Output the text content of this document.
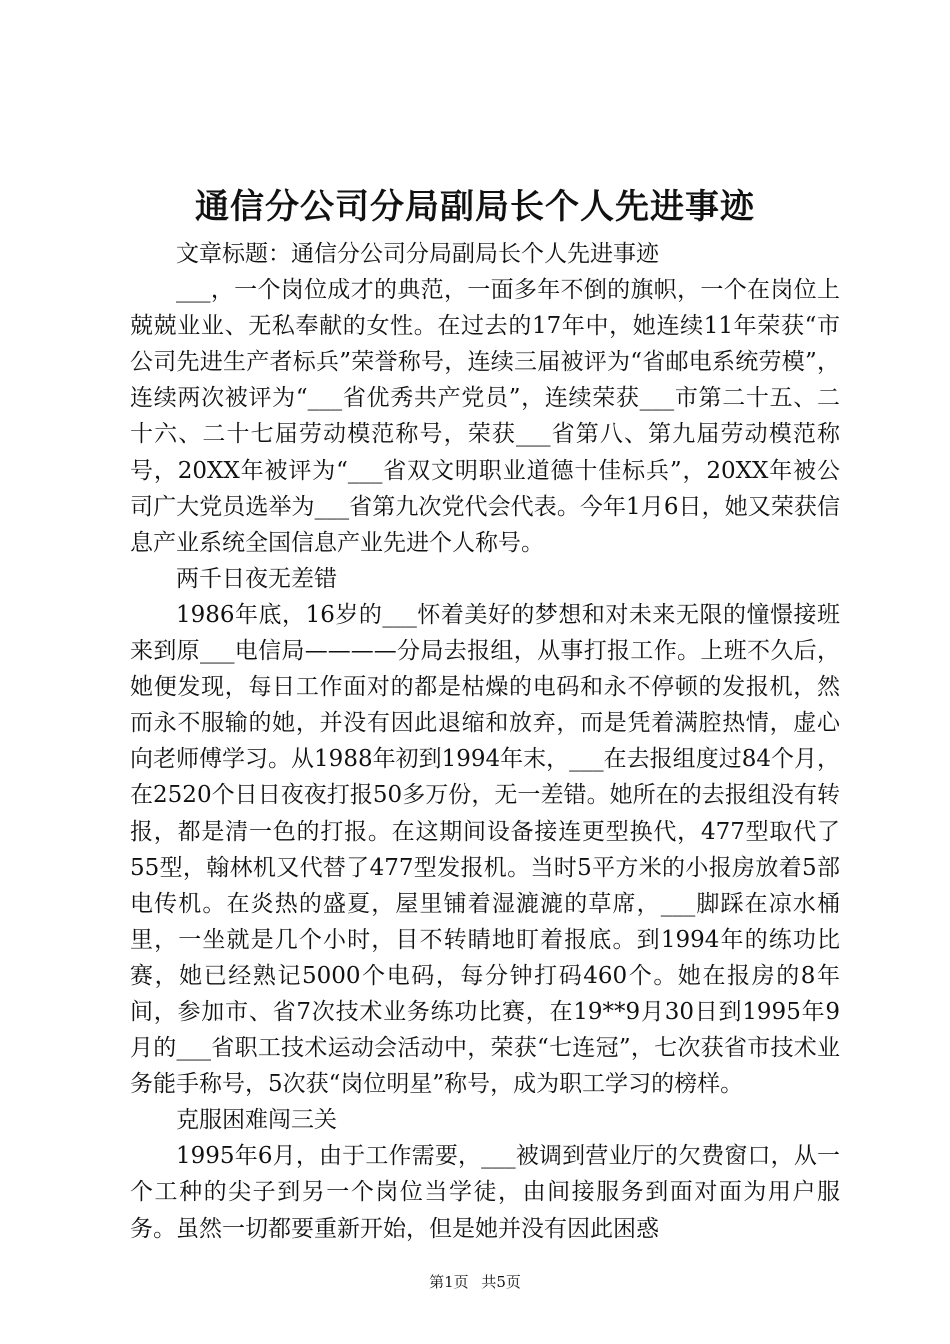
通信分公司分局副局长个人先进事迹

文章标题：通信分公司分局副局长个人先进事迹

___，一个岗位成才的典范，一面多年不倒的旗帜，一个在岗位上兢兢业业、无私奉献的女性。在过去的17年中，她连续11年荣获“市公司先进生产者标兵”荣誉称号，连续三届被评为“省邮电系统劳模”，连续两次被评为“___省优秀共产党员”，连续荣获___市第二十五、二十六、二十七届劳动模范称号，荣获___省第八、第九届劳动模范称号，20XX年被评为“___省双文明职业道德十佳标兵”，20XX年被公司广大党员选举为___省第九次党代会代表。今年1月6日，她又荣获信息产业系统全国信息产业先进个人称号。

两千日夜无差错

1986年底，16岁的___怀着美好的梦想和对未来无限的憧憬接班来到原___电信局————分局去报组，从事打报工作。上班不久后，她便发现，每日工作面对的都是枯燥的电码和永不停顿的发报机，然而永不服输的她，并没有因此退缩和放弃，而是凭着满腔热情，虚心向老师傅学习。从1988年初到1994年末，___在去报组度过84个月，在2520个日日夜夜打报50多万份，无一差错。她所在的去报组没有转报，都是清一色的打报。在这期间设备接连更型换代，477型取代了55型，翰林机又代替了477型发报机。当时5平方米的小报房放着5部电传机。在炎热的盛夏，屋里铺着湿漉漉的草席，___脚踩在凉水桶里，一坐就是几个小时，目不转睛地盯着报底。到1994年的练功比赛，她已经熟记5000个电码，每分钟打码460个。她在报房的8年间，参加市、省7次技术业务练功比赛，在19**9月30日到1995年9月的___省职工技术运动会活动中，荣获“七连冠”，七次获省市技术业务能手称号，5次获“岗位明星”称号，成为职工学习的榜样。

克服困难闯三关

1995年6月，由于工作需要，___被调到营业厅的欠费窗口，从一个工种的尖子到另一个岗位当学徒，由间接服务到面对面为用户服务。虽然一切都要重新开始，但是她并没有因此困惑

第1页 共5页
